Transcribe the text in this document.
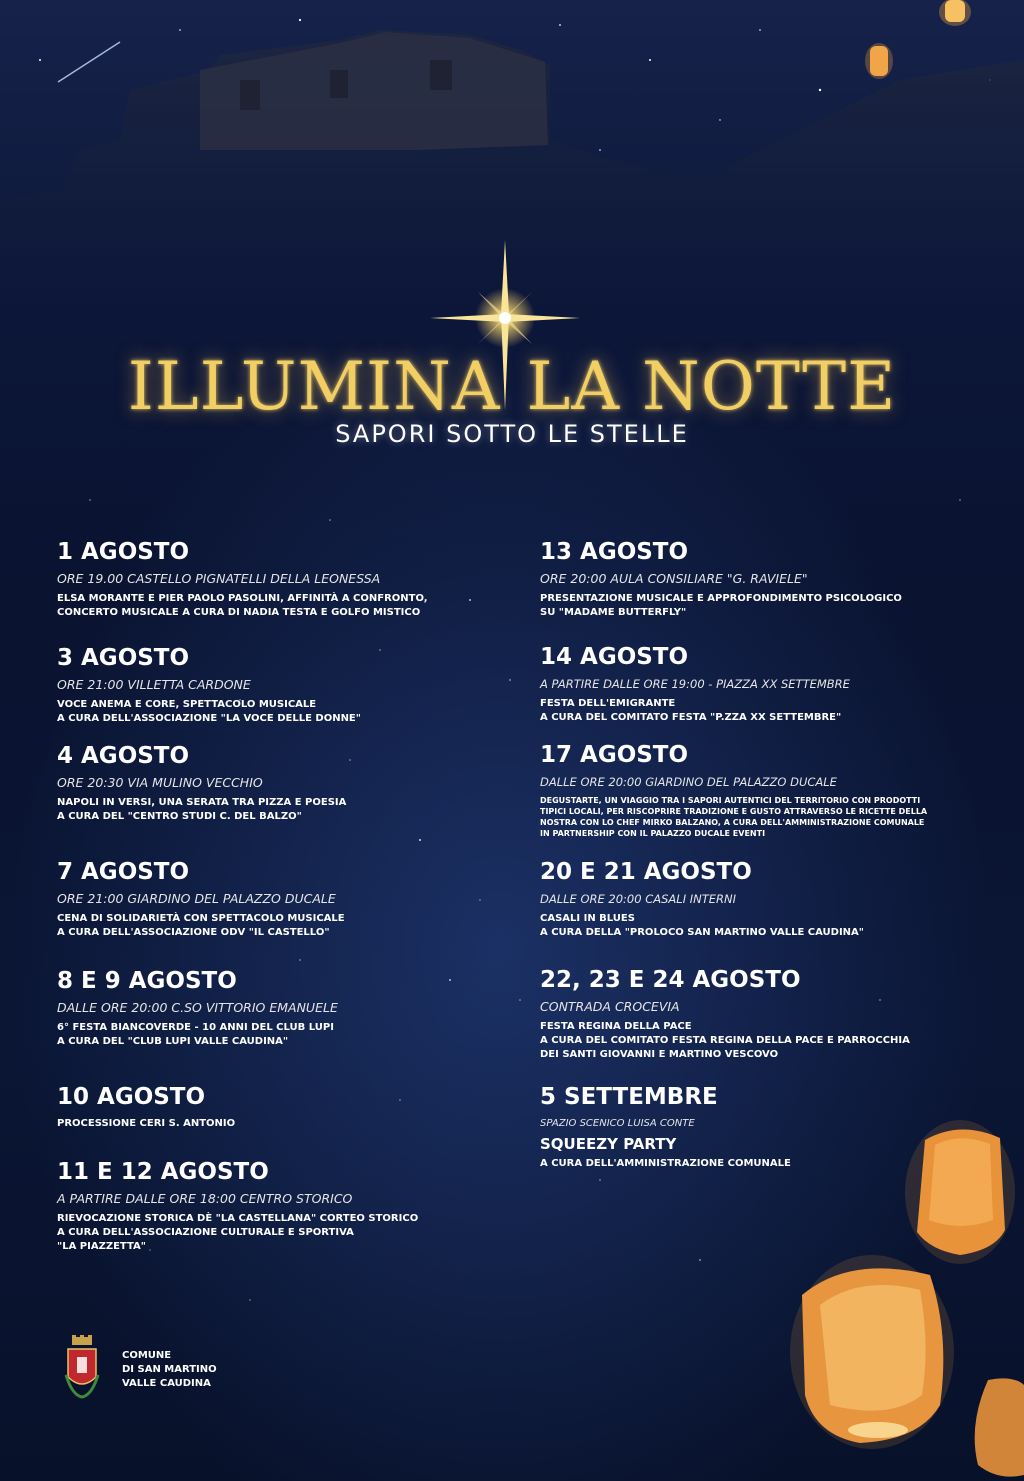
ILLUMINA LA NOTTE
SAPORI SOTTO LE STELLE
1 AGOSTO
ORE 19.00 CASTELLO PIGNATELLI DELLA LEONESSA
ELSA MORANTE E PIER PAOLO PASOLINI, AFFINITÀ A CONFRONTO,
CONCERTO MUSICALE A CURA DI NADIA TESTA E GOLFO MISTICO
3 AGOSTO
ORE 21:00 VILLETTA CARDONE
VOCE ANEMA E CORE, SPETTACOLO MUSICALE
A CURA DELL'ASSOCIAZIONE "LA VOCE DELLE DONNE"
4 AGOSTO
ORE 20:30 VIA MULINO VECCHIO
NAPOLI IN VERSI, UNA SERATA TRA PIZZA E POESIA
A CURA DEL "CENTRO STUDI C. DEL BALZO"
7 AGOSTO
ORE 21:00 GIARDINO DEL PALAZZO DUCALE
CENA DI SOLIDARIETÀ CON SPETTACOLO MUSICALE
A CURA DELL'ASSOCIAZIONE ODV "IL CASTELLO"
8 E 9 AGOSTO
DALLE ORE 20:00 C.SO VITTORIO EMANUELE
6° FESTA BIANCOVERDE - 10 ANNI DEL CLUB LUPI
A CURA DEL "CLUB LUPI VALLE CAUDINA"
10 AGOSTO
PROCESSIONE CERI S. ANTONIO
11 E 12 AGOSTO
A PARTIRE DALLE ORE 18:00 CENTRO STORICO
RIEVOCAZIONE STORICA DÈ "LA CASTELLANA" CORTEO STORICO
A CURA DELL'ASSOCIAZIONE CULTURALE E SPORTIVA
"LA PIAZZETTA"
13 AGOSTO
ORE 20:00 AULA CONSILIARE "G. RAVIELE"
PRESENTAZIONE MUSICALE E APPROFONDIMENTO PSICOLOGICO
SU "MADAME BUTTERFLY"
14 AGOSTO
A PARTIRE DALLE ORE 19:00 - PIAZZA XX SETTEMBRE
FESTA DELL'EMIGRANTE
A CURA DEL COMITATO FESTA "P.ZZA XX SETTEMBRE"
17 AGOSTO
DALLE ORE 20:00 GIARDINO DEL PALAZZO DUCALE
DEGUSTARTE, UN VIAGGIO TRA I SAPORI AUTENTICI DEL TERRITORIO CON PRODOTTI
TIPICI LOCALI, PER RISCOPRIRE TRADIZIONE E GUSTO ATTRAVERSO LE RICETTE DELLA
NOSTRA CON LO CHEF MIRKO BALZANO, A CURA DELL'AMMINISTRAZIONE COMUNALE
IN PARTNERSHIP CON IL PALAZZO DUCALE EVENTI
20 E 21 AGOSTO
DALLE ORE 20:00 CASALI INTERNI
CASALI IN BLUES
A CURA DELLA "PROLOCO SAN MARTINO VALLE CAUDINA"
22, 23 E 24 AGOSTO
CONTRADA CROCEVIA
FESTA REGINA DELLA PACE
A CURA DEL COMITATO FESTA REGINA DELLA PACE E PARROCCHIA
DEI SANTI GIOVANNI E MARTINO VESCOVO
5 SETTEMBRE
SPAZIO SCENICO LUISA CONTE
SQUEEZY PARTY
A CURA DELL'AMMINISTRAZIONE COMUNALE
COMUNE
DI SAN MARTINO
VALLE CAUDINA
